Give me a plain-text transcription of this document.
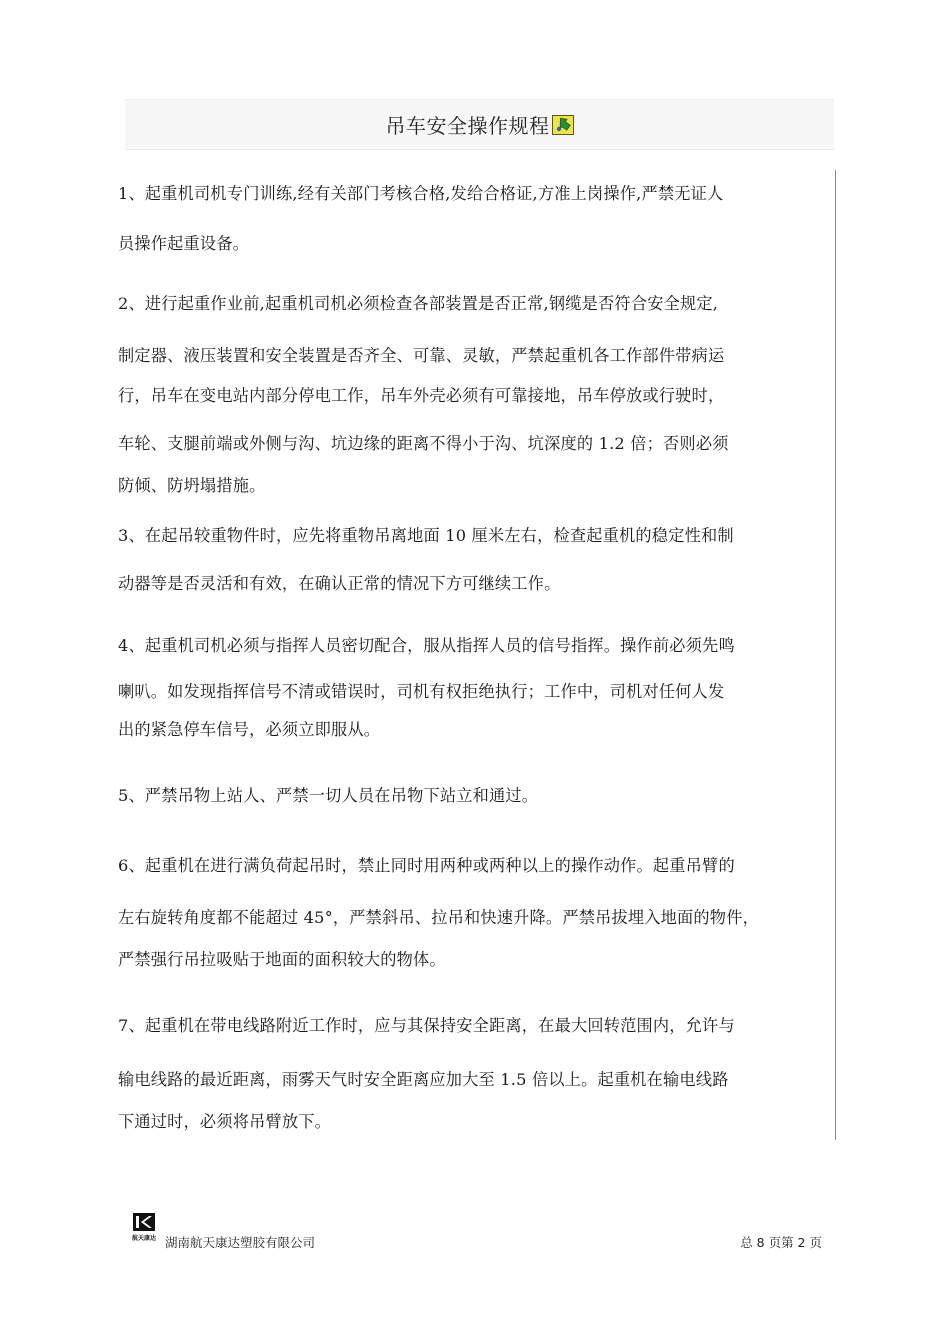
吊车安全操作规程
1、起重机司机专门训练,经有关部门考核合格,发给合格证,方准上岗操作,严禁无证人
员操作起重设备。
2、进行起重作业前,起重机司机必须检查各部装置是否正常,钢缆是否符合安全规定,
制定器、液压装置和安全装置是否齐全、可靠、灵敏，严禁起重机各工作部件带病运
行，吊车在变电站内部分停电工作，吊车外壳必须有可靠接地，吊车停放或行驶时，
车轮、支腿前端或外侧与沟、坑边缘的距离不得小于沟、坑深度的 1.2 倍；否则必须
防倾、防坍塌措施。
3、在起吊较重物件时，应先将重物吊离地面 10 厘米左右，检查起重机的稳定性和制
动器等是否灵活和有效，在确认正常的情况下方可继续工作。
4、起重机司机必须与指挥人员密切配合，服从指挥人员的信号指挥。操作前必须先鸣
喇叭。如发现指挥信号不清或错误时，司机有权拒绝执行；工作中，司机对任何人发
出的紧急停车信号，必须立即服从。
5、严禁吊物上站人、严禁一切人员在吊物下站立和通过。
6、起重机在进行满负荷起吊时，禁止同时用两种或两种以上的操作动作。起重吊臂的
左右旋转角度都不能超过 45°，严禁斜吊、拉吊和快速升降。严禁吊拔埋入地面的物件，
严禁强行吊拉吸贴于地面的面积较大的物体。
7、起重机在带电线路附近工作时，应与其保持安全距离，在最大回转范围内，允许与
输电线路的最近距离，雨雾天气时安全距离应加大至 1.5 倍以上。起重机在输电线路
下通过时，必须将吊臂放下。
航天康达 湖南航天康达塑胶有限公司	总 8 页第 2 页
